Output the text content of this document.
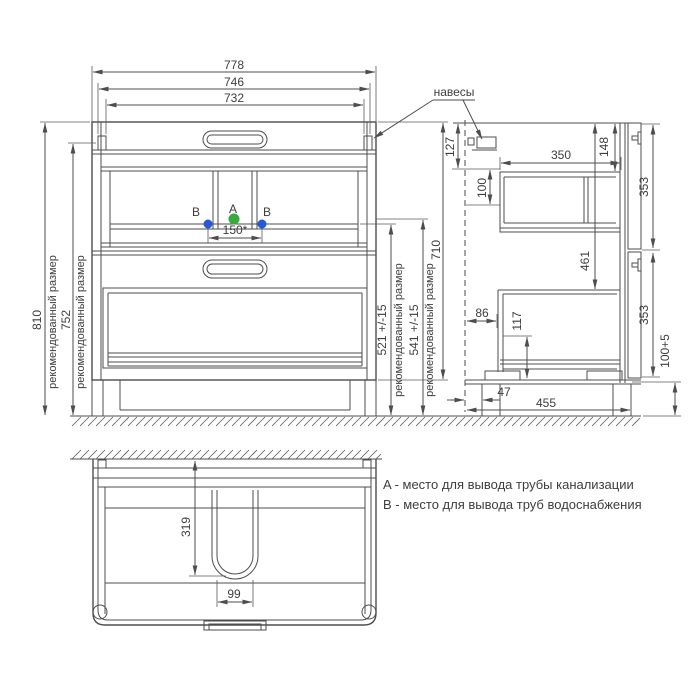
A
B	B
778
746
732
810 рекомендованный размер 752 рекомендованный размер
150*
521 +/-15 рекомендованный размер 541 +/-15 рекомендованный размер
710
навесы
127
100
350 148
461
353
353
86 117
47
455
100+5
319
99
A - место для вывода трубы канализации
B - место для вывода труб водоснабжения
